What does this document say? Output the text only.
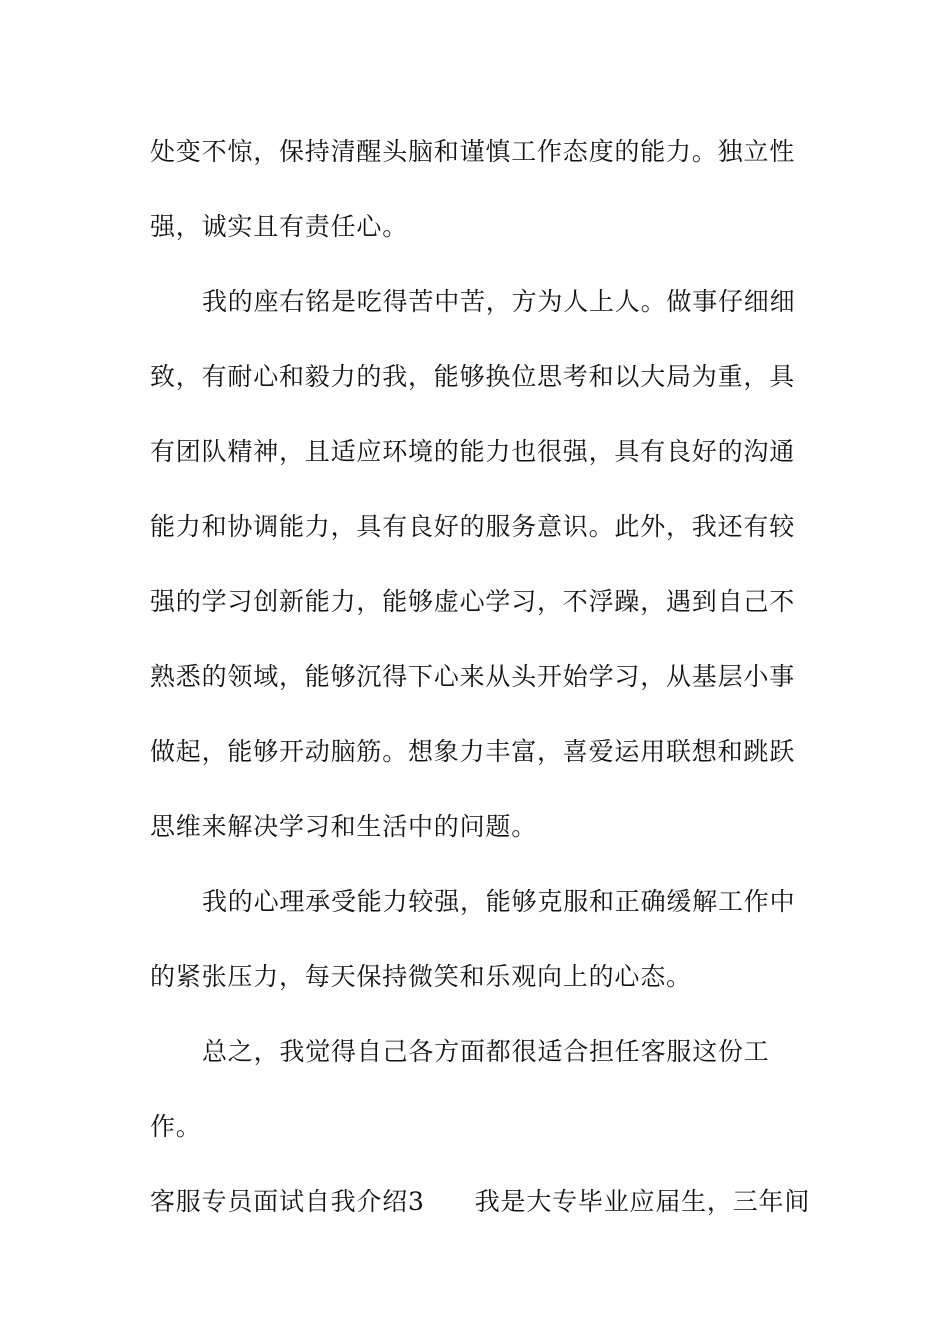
处变不惊，保持清醒头脑和谨慎工作态度的能力。独立性
强，诚实且有责任心。
我的座右铭是吃得苦中苦，方为人上人。做事仔细细
致，有耐心和毅力的我，能够换位思考和以大局为重，具
有团队精神，且适应环境的能力也很强，具有良好的沟通
能力和协调能力，具有良好的服务意识。此外，我还有较
强的学习创新能力，能够虚心学习，不浮躁，遇到自己不
熟悉的领域，能够沉得下心来从头开始学习，从基层小事
做起，能够开动脑筋。想象力丰富，喜爱运用联想和跳跃
思维来解决学习和生活中的问题。
我的心理承受能力较强，能够克服和正确缓解工作中
的紧张压力，每天保持微笑和乐观向上的心态。
总之，我觉得自己各方面都很适合担任客服这份工
作。
客服专员面试自我介绍3 我是大专毕业应届生，三年间
